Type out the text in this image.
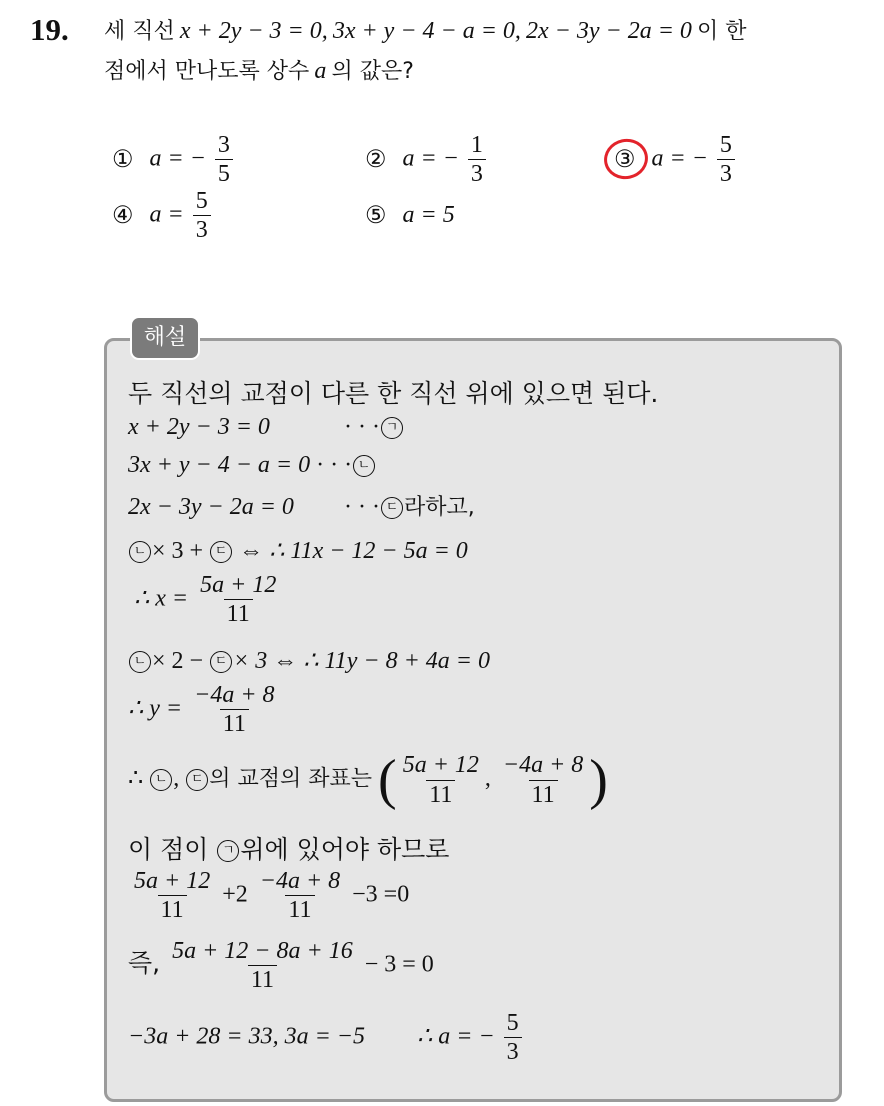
19. 세 직선 x + 2y − 3 = 0, 3x + y − 4 − a = 0, 2x − 3y − 2a = 0 이 한
점에서 만나도록 상수 a 의 값은?
① a = − $\frac{3}{5}$	② a = − $\frac{1}{3}$	③ a = − $\frac{5}{3}$
④ $a = \frac{5}{3}$	⑤ a = 5
해설
두 직선의 교점이 다른 한 직선 위에 있으면 된다.
x + 2y − 3 = 0	· · · ㄱ
3x + y − 4 − a = 0 · · · ㄴ
2x − 3y − 2a = 0 · · · ㄷ 라하고,
ㄴ × 3 + ㄷ ⇔ ∴ 11x − 12 − 5a = 0
∴ $x = \frac{5a + 12}{11}$
ㄴ × 2 − ㄷ × 3 ⇔ ∴ 11y − 8 + 4a = 0
∴ $y = \frac{-4a + 8}{11}$
∴ ㄴ , ㄷ 의 교점의 좌표는 ( $\frac{5a + 12}{11}$ , $\frac{-4a + 8}{11}$ )
이 점이 ㄱ 위에 있어야 하므로
$\frac{5a + 12}{11} +2 \frac{-4a + 8}{11} -3 =0$
즉, $\frac{5a + 12 - 8a + 16}{11} - 3 = 0$
−3a + 28 = 33, 3a = −5 ∴ a = − $\frac{5}{3}$
